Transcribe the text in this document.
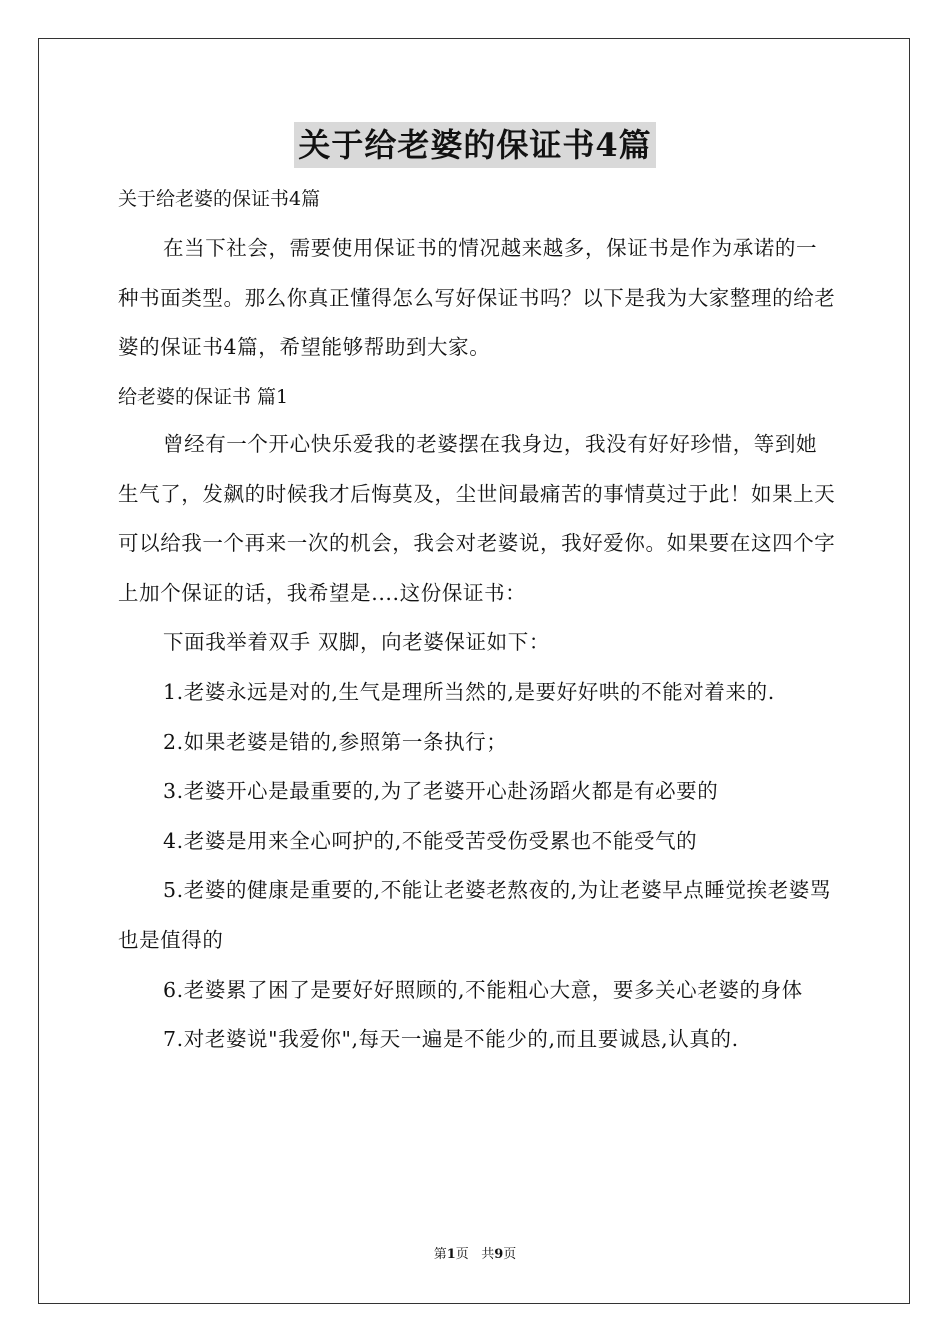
关于给老婆的保证书4篇
关于给老婆的保证书4篇

在当下社会，需要使用保证书的情况越来越多，保证书是作为承诺的一种书面类型。那么你真正懂得怎么写好保证书吗？以下是我为大家整理的给老婆的保证书4篇，希望能够帮助到大家。

给老婆的保证书 篇1

曾经有一个开心快乐爱我的老婆摆在我身边，我没有好好珍惜，等到她生气了，发飙的时候我才后悔莫及，尘世间最痛苦的事情莫过于此！如果上天可以给我一个再来一次的机会，我会对老婆说，我好爱你。如果要在这四个字上加个保证的话，我希望是....这份保证书：

下面我举着双手 双脚，向老婆保证如下：

1.老婆永远是对的,生气是理所当然的,是要好好哄的不能对着来的.

2.如果老婆是错的,参照第一条执行；

3.老婆开心是最重要的,为了老婆开心赴汤蹈火都是有必要的

4.老婆是用来全心呵护的,不能受苦受伤受累也不能受气的

5.老婆的健康是重要的,不能让老婆老熬夜的,为让老婆早点睡觉挨老婆骂也是值得的

6.老婆累了困了是要好好照顾的,不能粗心大意，要多关心老婆的身体

7.对老婆说"我爱你",每天一遍是不能少的,而且要诚恳,认真的.

第1页 共9页
